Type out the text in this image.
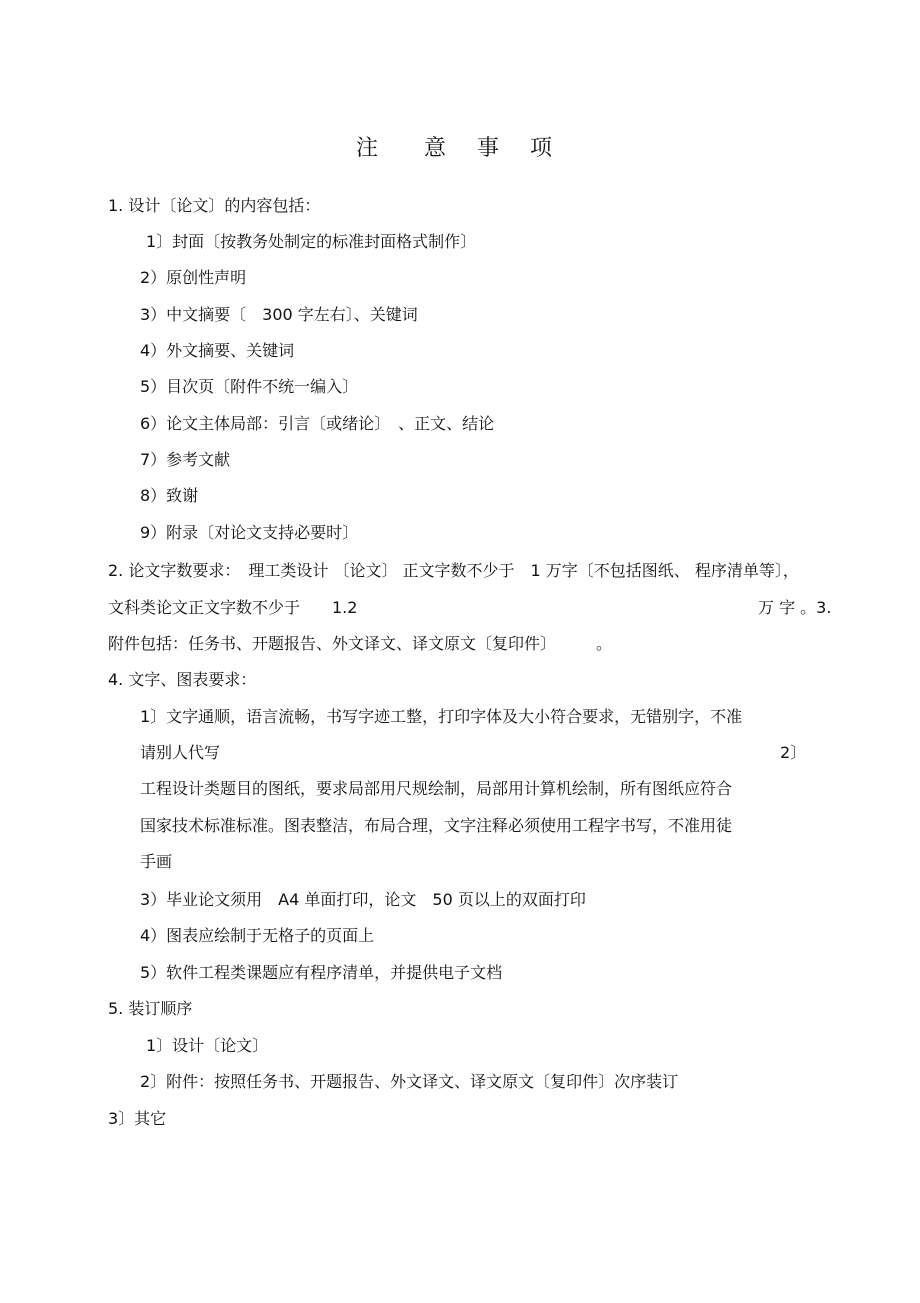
注　意 事 项
1. 设计〔论文〕的内容包括：
1〕封面〔按教务处制定的标准封面格式制作〕
2）原创性声明
3）中文摘要〔　300 字左右〕、关键词
4）外文摘要、关键词
5）目次页〔附件不统一编入〕
6）论文主体局部：引言〔或绪论〕　、正文、结论
7）参考文献
8）致谢
9）附录〔对论文支持必要时〕
2. 论文字数要求：　理工类设计 〔论文〕 正文字数不少于　1 万字〔不包括图纸、 程序清单等〕，
文科类论文正文字数不少于　　1.2	万 字 。3.
附件包括：任务书、开题报告、外文译文、译文原文〔复印件〕　　　。
4. 文字、图表要求：
1〕文字通顺，语言流畅，书写字迹工整，打印字体及大小符合要求，无错别字，不准
请别人代写	2〕
工程设计类题目的图纸，要求局部用尺规绘制，局部用计算机绘制，所有图纸应符合
国家技术标准标准。图表整洁，布局合理，文字注释必须使用工程字书写，不准用徒
手画
3）毕业论文须用　A4 单面打印，论文　50 页以上的双面打印
4）图表应绘制于无格子的页面上
5）软件工程类课题应有程序清单，并提供电子文档
5. 装订顺序
1〕设计〔论文〕
2〕附件：按照任务书、开题报告、外文译文、译文原文〔复印件〕次序装订
3〕其它
